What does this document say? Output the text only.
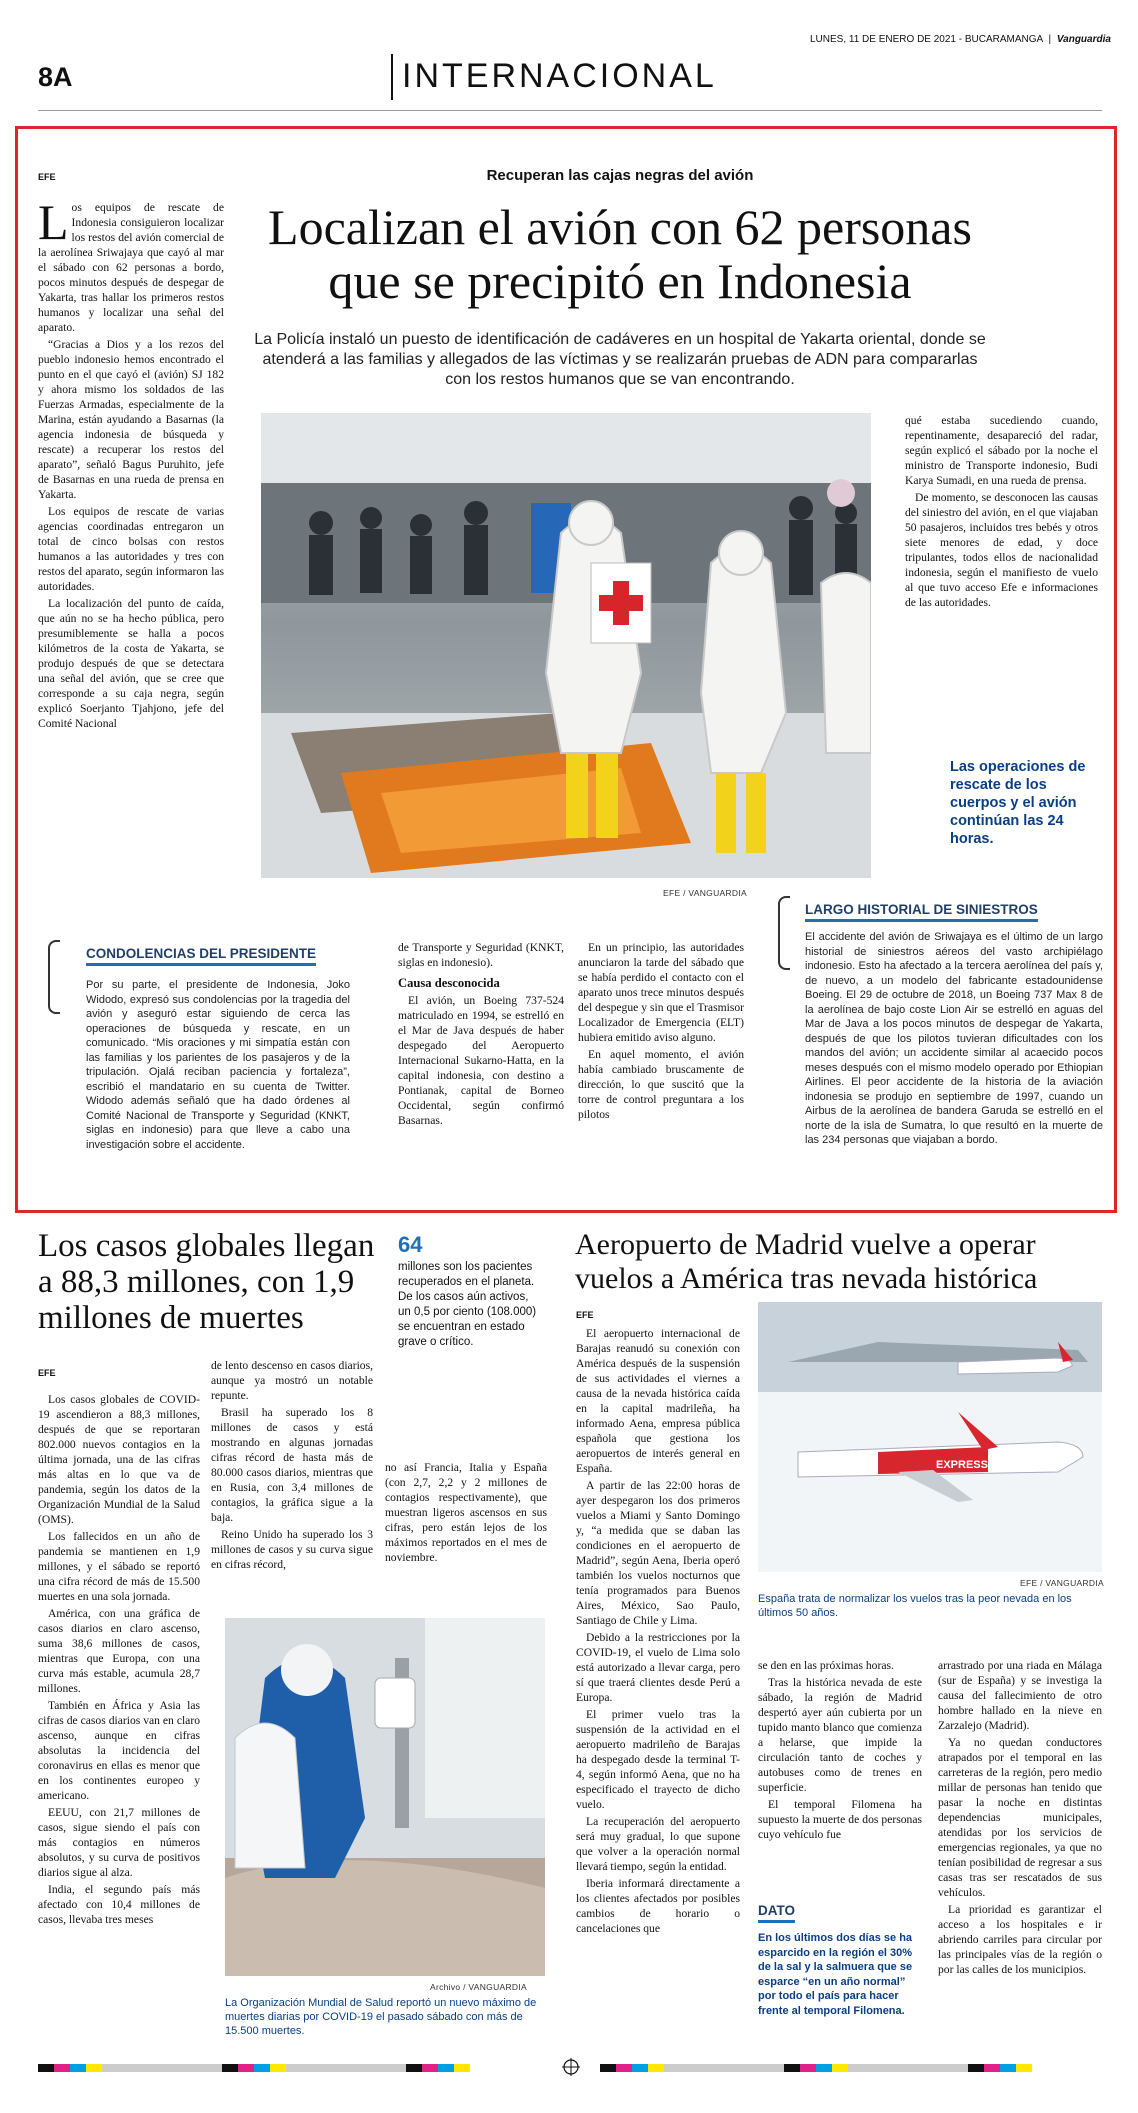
8A	INTERNACIONAL
LUNES, 11 DE ENERO DE 2021 - BUCARAMANGA | Vanguardia
Recuperan las cajas negras del avión
Localizan el avión con 62 personas
que se precipitó en Indonesia
La Policía instaló un puesto de identificación de cadáveres en un hospital de Yakarta oriental, donde se
atenderá a las familias y allegados de las víctimas y se realizarán pruebas de ADN para compararlas
con los restos humanos que se van encontrando.
EFE

Los equipos de rescate de Indonesia consiguieron localizar los restos del avión comercial de la aerolínea Sriwajaya que cayó al mar el sábado con 62 personas a bordo, pocos minutos después de despegar de Yakarta, tras hallar los primeros restos humanos y localizar una señal del aparato.

“Gracias a Dios y a los rezos del pueblo indonesio hemos encontrado el punto en el que cayó el (avión) SJ 182 y ahora mismo los soldados de las Fuerzas Armadas, especialmente de la Marina, están ayudando a Basarnas (la agencia indonesia de búsqueda y rescate) a recuperar los restos del aparato”, señaló Bagus Puruhito, jefe de Basarnas en una rueda de prensa en Yakarta.

Los equipos de rescate de varias agencias coordinadas entregaron un total de cinco bolsas con restos humanos a las autoridades y tres con restos del aparato, según informaron las autoridades.

La localización del punto de caída, que aún no se ha hecho pública, pero presumiblemente se halla a pocos kilómetros de la costa de Yakarta, se produjo después de que se detectara una señal del avión, que se cree que corresponde a su caja negra, según explicó Soerjanto Tjahjono, jefe del Comité Nacional

EFE / VANGUARDIA

qué estaba sucediendo cuando, repentinamente, desapareció del radar, según explicó el sábado por la noche el ministro de Transporte indonesio, Budi Karya Sumadi, en una rueda de prensa.

De momento, se desconocen las causas del siniestro del avión, en el que viajaban 50 pasajeros, incluidos tres bebés y otros siete menores de edad, y doce tripulantes, todos ellos de nacionalidad indonesia, según el manifiesto de vuelo al que tuvo acceso Efe e informaciones de las autoridades.

Las operaciones de rescate de los cuerpos y el avión continúan las 24 horas.
LARGO HISTORIAL DE SINIESTROS
El accidente del avión de Sriwajaya es el último de un largo historial de siniestros aéreos del vasto archipiélago indonesio. Esto ha afectado a la tercera aerolínea del país y, de nuevo, a un modelo del fabricante estadounidense Boeing. El 29 de octubre de 2018, un Boeing 737 Max 8 de la aerolínea de bajo coste Lion Air se estrelló en aguas del Mar de Java a los pocos minutos de despegar de Yakarta, después de que los pilotos tuvieran dificultades con los mandos del avión; un accidente similar al acaecido pocos meses después con el mismo modelo operado por Ethiopian Airlines. El peor accidente de la historia de la aviación indonesia se produjo en septiembre de 1997, cuando un Airbus de la aerolínea de bandera Garuda se estrelló en el norte de la isla de Sumatra, lo que resultó en la muerte de las 234 personas que viajaban a bordo.
CONDOLENCIAS DEL PRESIDENTE
Por su parte, el presidente de Indonesia, Joko Widodo, expresó sus condolencias por la tragedia del avión y aseguró estar siguiendo de cerca las operaciones de búsqueda y rescate, en un comunicado. “Mis oraciones y mi simpatía están con las familias y los parientes de los pasajeros y de la tripulación. Ojalá reciban paciencia y fortaleza”, escribió el mandatario en su cuenta de Twitter. Widodo además señaló que ha dado órdenes al Comité Nacional de Transporte y Seguridad (KNKT, siglas en indonesio) para que lleve a cabo una investigación sobre el accidente.

de Transporte y Seguridad (KNKT, siglas en indonesio).

Causa desconocida

El avión, un Boeing 737-524 matriculado en 1994, se estrelló en el Mar de Java después de haber despegado del Aeropuerto Internacional Sukarno-Hatta, en la capital indonesia, con destino a Pontianak, capital de Borneo Occidental, según confirmó Basarnas.

En un principio, las autoridades anunciaron la tarde del sábado que se había perdido el contacto con el aparato unos trece minutos después del despegue y sin que el Trasmisor Localizador de Emergencia (ELT) hubiera emitido aviso alguno.

En aquel momento, el avión había cambiado bruscamente de dirección, lo que suscitó que la torre de control preguntara a los pilotos

Los casos globales llegan
a 88,3 millones, con 1,9
millones de muertes
64
millones son los pacientes recuperados en el planeta. De los casos aún activos, un 0,5 por ciento (108.000) se encuentran en estado grave o crítico.
EFE

Los casos globales de COVID-19 ascendieron a 88,3 millones, después de que se reportaran 802.000 nuevos contagios en la última jornada, una de las cifras más altas en lo que va de pandemia, según los datos de la Organización Mundial de la Salud (OMS).

Los fallecidos en un año de pandemia se mantienen en 1,9 millones, y el sábado se reportó una cifra récord de más de 15.500 muertes en una sola jornada.

América, con una gráfica de casos diarios en claro ascenso, suma 38,6 millones de casos, mientras que Europa, con una curva más estable, acumula 28,7 millones.

También en África y Asia las cifras de casos diarios van en claro ascenso, aunque en cifras absolutas la incidencia del coronavirus en ellas es menor que en los continentes europeo y americano.

EEUU, con 21,7 millones de casos, sigue siendo el país con más contagios en números absolutos, y su curva de positivos diarios sigue al alza.

India, el segundo país más afectado con 10,4 millones de casos, llevaba tres meses

de lento descenso en casos diarios, aunque ya mostró un notable repunte.

Brasil ha superado los 8 millones de casos y está mostrando en algunas jornadas cifras récord de hasta más de 80.000 casos diarios, mientras que en Rusia, con 3,4 millones de contagios, la gráfica sigue a la baja.

Reino Unido ha superado los 3 millones de casos y su curva sigue en cifras récord,

no así Francia, Italia y España (con 2,7, 2,2 y 2 millones de contagios respectivamente), que muestran ligeros ascensos en sus cifras, pero están lejos de los máximos reportados en el mes de noviembre.

Archivo / VANGUARDIA
La Organización Mundial de Salud reportó un nuevo máximo de muertes diarias por COVID-19 el pasado sábado con más de 15.500 muertes.
Aeropuerto de Madrid vuelve a operar
vuelos a América tras nevada histórica
EFE

El aeropuerto internacional de Barajas reanudó su conexión con América después de la suspensión de sus actividades el viernes a causa de la nevada histórica caída en la capital madrileña, ha informado Aena, empresa pública española que gestiona los aeropuertos de interés general en España.

A partir de las 22:00 horas de ayer despegaron los dos primeros vuelos a Miami y Santo Domingo y, “a medida que se daban las condiciones en el aeropuerto de Madrid”, según Aena, Iberia operó también los vuelos nocturnos que tenía programados para Buenos Aires, México, Sao Paulo, Santiago de Chile y Lima.

Debido a la restricciones por la COVID-19, el vuelo de Lima solo está autorizado a llevar carga, pero sí que traerá clientes desde Perú a Europa.

El primer vuelo tras la suspensión de la actividad en el aeropuerto madrileño de Barajas ha despegado desde la terminal T-4, según informó Aena, que no ha especificado el trayecto de dicho vuelo.

La recuperación del aeropuerto será muy gradual, lo que supone que volver a la operación normal llevará tiempo, según la entidad.

Iberia informará directamente a los clientes afectados por posibles cambios de horario o cancelaciones que

EXPRESS
EFE / VANGUARDIA
España trata de normalizar los vuelos tras la peor nevada en los últimos 50 años.

se den en las próximas horas.

Tras la histórica nevada de este sábado, la región de Madrid despertó ayer aún cubierta por un tupido manto blanco que comienza a helarse, que impide la circulación tanto de coches y autobuses como de trenes en superficie.

El temporal Filomena ha supuesto la muerte de dos personas cuyo vehículo fue

DATO
En los últimos dos días se ha esparcido en la región el 30% de la sal y la salmuera que se esparce “en un año normal” por todo el país para hacer frente al temporal Filomena.

arrastrado por una riada en Málaga (sur de España) y se investiga la causa del fallecimiento de otro hombre hallado en la nieve en Zarzalejo (Madrid).

Ya no quedan conductores atrapados por el temporal en las carreteras de la región, pero medio millar de personas han tenido que pasar la noche en distintas dependencias municipales, atendidas por los servicios de emergencias regionales, ya que no tenían posibilidad de regresar a sus casas tras ser rescatados de sus vehículos.

La prioridad es garantizar el acceso a los hospitales e ir abriendo carriles para circular por las principales vías de la región o por las calles de los municipios.
